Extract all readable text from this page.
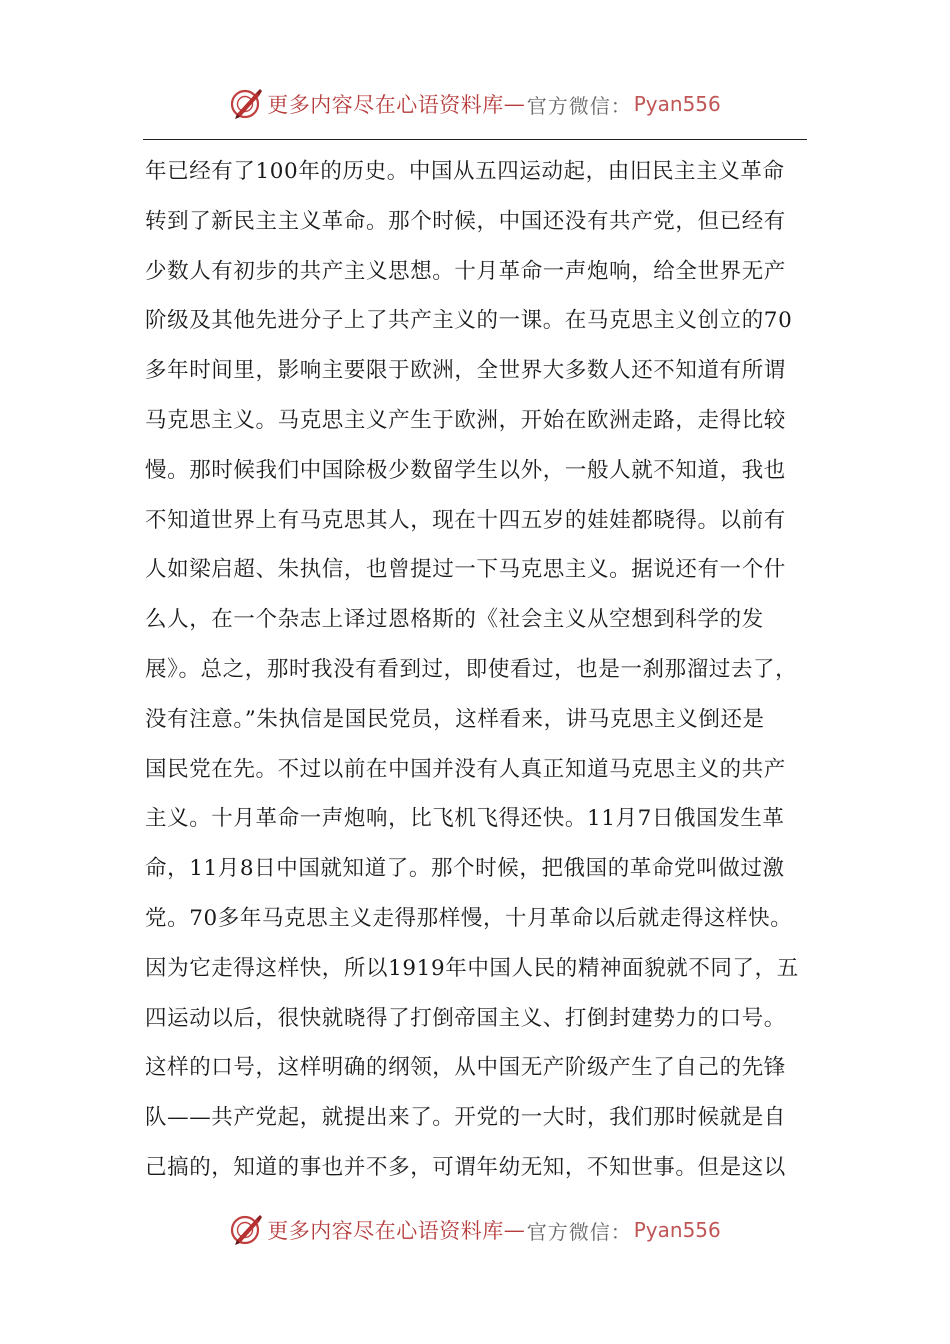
更多内容尽在心语资料库 — 官方微信： Pyan556
年已经有了100年的历史。中国从五四运动起，由旧民主主义革命
转到了新民主主义革命。那个时候，中国还没有共产党，但已经有
少数人有初步的共产主义思想。十月革命一声炮响，给全世界无产
阶级及其他先进分子上了共产主义的一课。在马克思主义创立的70
多年时间里，影响主要限于欧洲，全世界大多数人还不知道有所谓
马克思主义。马克思主义产生于欧洲，开始在欧洲走路，走得比较
慢。那时候我们中国除极少数留学生以外，一般人就不知道，我也
不知道世界上有马克思其人，现在十四五岁的娃娃都晓得。以前有
人如梁启超、朱执信，也曾提过一下马克思主义。据说还有一个什
么人，在一个杂志上译过恩格斯的《社会主义从空想到科学的发
展》。总之，那时我没有看到过，即使看过，也是一刹那溜过去了，
没有注意。”朱执信是国民党员，这样看来，讲马克思主义倒还是
国民党在先。不过以前在中国并没有人真正知道马克思主义的共产
主义。十月革命一声炮响，比飞机飞得还快。11月7日俄国发生革
命，11月8日中国就知道了。那个时候，把俄国的革命党叫做过激
党。70多年马克思主义走得那样慢，十月革命以后就走得这样快。
因为它走得这样快，所以1919年中国人民的精神面貌就不同了，五
四运动以后，很快就晓得了打倒帝国主义、打倒封建势力的口号。
这样的口号，这样明确的纲领，从中国无产阶级产生了自己的先锋
队——共产党起，就提出来了。开党的一大时，我们那时候就是自
己搞的，知道的事也并不多，可谓年幼无知，不知世事。但是这以
更多内容尽在心语资料库 — 官方微信： Pyan556
